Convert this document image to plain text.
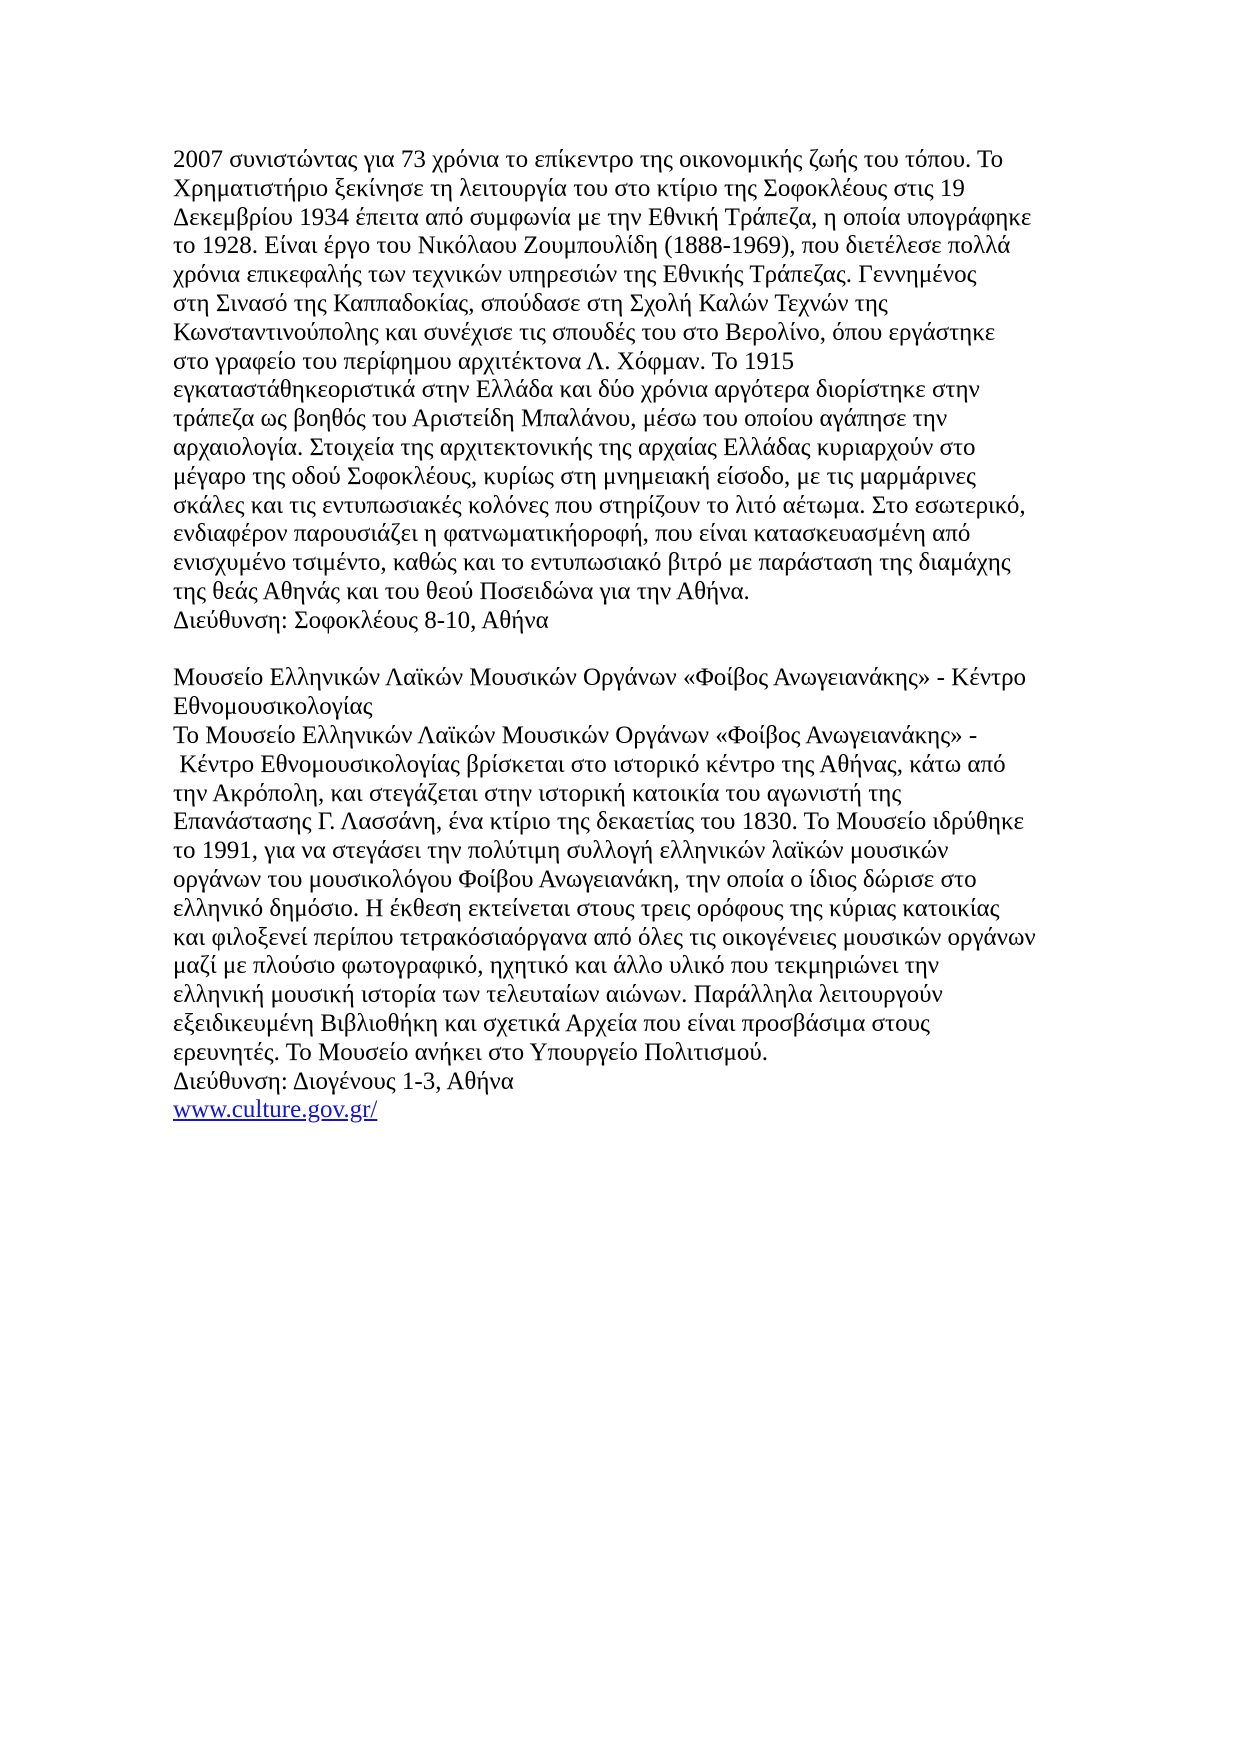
2007 συνιστώντας για 73 χρόνια το επίκεντρο της οικονομικής ζωής του τόπου. Το
Χρηματιστήριο ξεκίνησε τη λειτουργία του στο κτίριο της Σοφοκλέους στις 19
Δεκεμβρίου 1934 έπειτα από συμφωνία με την Εθνική Τράπεζα, η οποία υπογράφηκε
το 1928. Είναι έργο του Νικόλαου Ζουμπουλίδη (1888-1969), που διετέλεσε πολλά
χρόνια επικεφαλής των τεχνικών υπηρεσιών της Εθνικής Τράπεζας. Γεννημένος
στη Σινασό της Καππαδοκίας, σπούδασε στη Σχολή Καλών Τεχνών της
Κωνσταντινούπολης και συνέχισε τις σπουδές του στο Βερολίνο, όπου εργάστηκε
στο γραφείο του περίφημου αρχιτέκτονα Λ. Χόφμαν. Το 1915
εγκαταστάθηκεοριστικά στην Ελλάδα και δύο χρόνια αργότερα διορίστηκε στην
τράπεζα ως βοηθός του Αριστείδη Μπαλάνου, μέσω του οποίου αγάπησε την
αρχαιολογία. Στοιχεία της αρχιτεκτονικής της αρχαίας Ελλάδας κυριαρχούν στο
μέγαρο της οδού Σοφοκλέους, κυρίως στη μνημειακή είσοδο, με τις μαρμάρινες
σκάλες και τις εντυπωσιακές κολόνες που στηρίζουν το λιτό αέτωμα. Στο εσωτερικό,
ενδιαφέρον παρουσιάζει η φατνωματικήοροφή, που είναι κατασκευασμένη από
ενισχυμένο τσιμέντο, καθώς και το εντυπωσιακό βιτρό με παράσταση της διαμάχης
της θεάς Αθηνάς και του θεού Ποσειδώνα για την Αθήνα.
Διεύθυνση: Σοφοκλέους 8-10, Αθήνα

Μουσείο Ελληνικών Λαϊκών Μουσικών Οργάνων «Φοίβος Ανωγειανάκης» - Κέντρο
Εθνομουσικολογίας
Το Μουσείο Ελληνικών Λαϊκών Μουσικών Οργάνων «Φοίβος Ανωγειανάκης» -
Κέντρο Εθνομουσικολογίας βρίσκεται στο ιστορικό κέντρο της Αθήνας, κάτω από
την Ακρόπολη, και στεγάζεται στην ιστορική κατοικία του αγωνιστή της
Επανάστασης Γ. Λασσάνη, ένα κτίριο της δεκαετίας του 1830. Το Μουσείο ιδρύθηκε
το 1991, για να στεγάσει την πολύτιμη συλλογή ελληνικών λαϊκών μουσικών
οργάνων του μουσικολόγου Φοίβου Ανωγειανάκη, την οποία ο ίδιος δώρισε στο
ελληνικό δημόσιο. Η έκθεση εκτείνεται στους τρεις ορόφους της κύριας κατοικίας
και φιλοξενεί περίπου τετρακόσιαόργανα από όλες τις οικογένειες μουσικών οργάνων
μαζί με πλούσιο φωτογραφικό, ηχητικό και άλλο υλικό που τεκμηριώνει την
ελληνική μουσική ιστορία των τελευταίων αιώνων. Παράλληλα λειτουργούν
εξειδικευμένη Βιβλιοθήκη και σχετικά Αρχεία που είναι προσβάσιμα στους
ερευνητές. Το Μουσείο ανήκει στο Υπουργείο Πολιτισμού.
Διεύθυνση: Διογένους 1-3, Αθήνα
www.culture.gov.gr/
